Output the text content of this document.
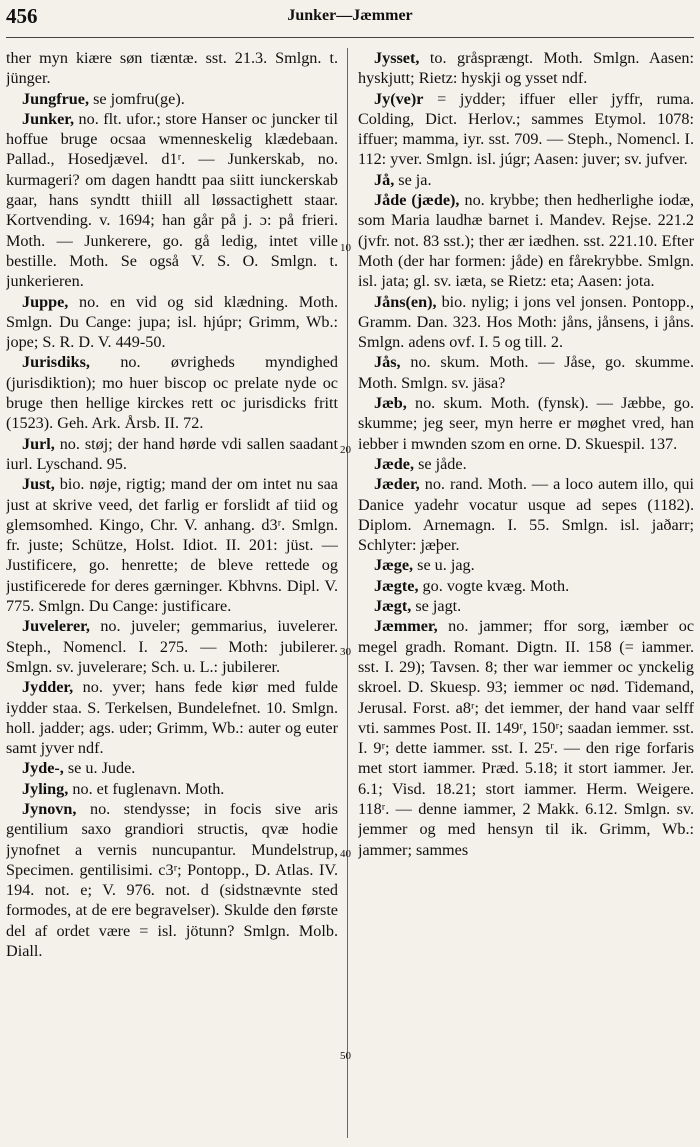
456	Junker—Jæmmer

ther myn kiære søn tiæntæ. sst. 21.3. Smlgn. t. jünger.

Jungfrue, se jomfru(ge).

Junker, no. flt. ufor.; store Hanser oc juncker til hoffue bruge ocsaa wmenneskelig klædebaan. Pallad., Hosedjævel. d1ʳ. — Junkerskab, no. kurmageri? om dagen handtt paa siitt iunckerskab gaar, hans syndtt thiill all løssactighett staar. Kortvending. v. 1694; han går på j. ɔ: på frieri. Moth. — Junkerere, go. gå ledig, intet ville bestille. Moth. Se også V. S. O. Smlgn. t. junkerieren.

Juppe, no. en vid og sid klædning. Moth. Smlgn. Du Cange: jupa; isl. hjúpr; Grimm, Wb.: jope; S. R. D. V. 449-50.

Jurisdiks, no. øvrigheds myndighed (jurisdiktion); mo huer biscop oc prelate nyde oc bruge then hellige kirckes rett oc jurisdicks fritt (1523). Geh. Ark. Årsb. II. 72.

Jurl, no. støj; der hand hørde vdi sallen saadant iurl. Lyschand. 95.

Just, bio. nøje, rigtig; mand der om intet nu saa just at skrive veed, det farlig er forslidt af tiid og glemsomhed. Kingo, Chr. V. anhang. d3ʳ. Smlgn. fr. juste; Schütze, Holst. Idiot. II. 201: jüst. — Justificere, go. henrette; de bleve rettede og justificerede for deres gærninger. Kbhvns. Dipl. V. 775. Smlgn. Du Cange: justificare.

Juvelerer, no. juveler; gemmarius, iuvelerer. Steph., Nomencl. I. 275. — Moth: jubilerer. Smlgn. sv. juvelerare; Sch. u. L.: jubilerer.

Jydder, no. yver; hans fede kiør med fulde iydder staa. S. Terkelsen, Bundelefnet. 10. Smlgn. holl. jadder; ags. uder; Grimm, Wb.: auter og euter samt jyver ndf.

Jyde-, se u. Jude.

Jyling, no. et fuglenavn. Moth.

Jynovn, no. stendysse; in focis sive aris gentilium saxo grandiori structis, qvæ hodie jynofnet a vernis nuncupantur. Mundelstrup, Specimen. gentilisimi. c3ʳ; Pontopp., D. Atlas. IV. 194. not. e; V. 976. not. d (sidstnævnte sted formodes, at de ere begravelser). Skulde den første del af ordet være = isl. jötunn? Smlgn. Molb. Diall.

Jysset, to. gråsprængt. Moth. Smlgn. Aasen: hyskjutt; Rietz: hyskji og ysset ndf.

Jy(ve)r = jydder; iffuer eller jyffr, ruma. Colding, Dict. Herlov.; sammes Etymol. 1078: iffuer; mamma, iyr. sst. 709. — Steph., Nomencl. I. 112: yver. Smlgn. isl. júgr; Aasen: juver; sv. jufver.

Jå, se ja.

Jåde (jæde), no. krybbe; then hedherlighe iodæ, som Maria laudhæ barnet i. Mandev. Rejse. 221.2 (jvfr. not. 83 sst.); ther ær iædhen. sst. 221.10. Efter Moth (der har formen: jåde) en fårekrybbe. Smlgn. isl. jata; gl. sv. iæta, se Rietz: eta; Aasen: jota.

Jåns(en), bio. nylig; i jons vel jonsen. Pontopp., Gramm. Dan. 323. Hos Moth: jåns, jånsens, i jåns. Smlgn. adens ovf. I. 5 og till. 2.

Jås, no. skum. Moth. — Jåse, go. skumme. Moth. Smlgn. sv. jäsa?

Jæb, no. skum. Moth. (fynsk). — Jæbbe, go. skumme; jeg seer, myn herre er møghet vred, han iebber i mwnden szom en orne. D. Skuespil. 137.

Jæde, se jåde.

Jæder, no. rand. Moth. — a loco autem illo, qui Danice yadehr vocatur usque ad sepes (1182). Diplom. Arnemagn. I. 55. Smlgn. isl. jaðarr; Schlyter: jæþer.

Jæge, se u. jag.

Jægte, go. vogte kvæg. Moth.

Jægt, se jagt.

Jæmmer, no. jammer; ffor sorg, iæmber oc megel gradh. Romant. Digtn. II. 158 (= iammer. sst. I. 29); Tavsen. 8; ther war iemmer oc ynckelig skroel. D. Skuesp. 93; iemmer oc nød. Tidemand, Jerusal. Forst. a8ʳ; det iemmer, der hand vaar selff vti. sammes Post. II. 149ʳ, 150ʳ; saadan iemmer. sst. I. 9ʳ; dette iammer. sst. I. 25ʳ. — den rige forfaris met stort iammer. Præd. 5.18; it stort iammer. Jer. 6.1; Visd. 18.21; stort iammer. Herm. Weigere. 118ʳ. — denne iammer, 2 Makk. 6.12. Smlgn. sv. jemmer og med hensyn til ik. Grimm, Wb.: jammer; sammes

10
20
30
40
50
